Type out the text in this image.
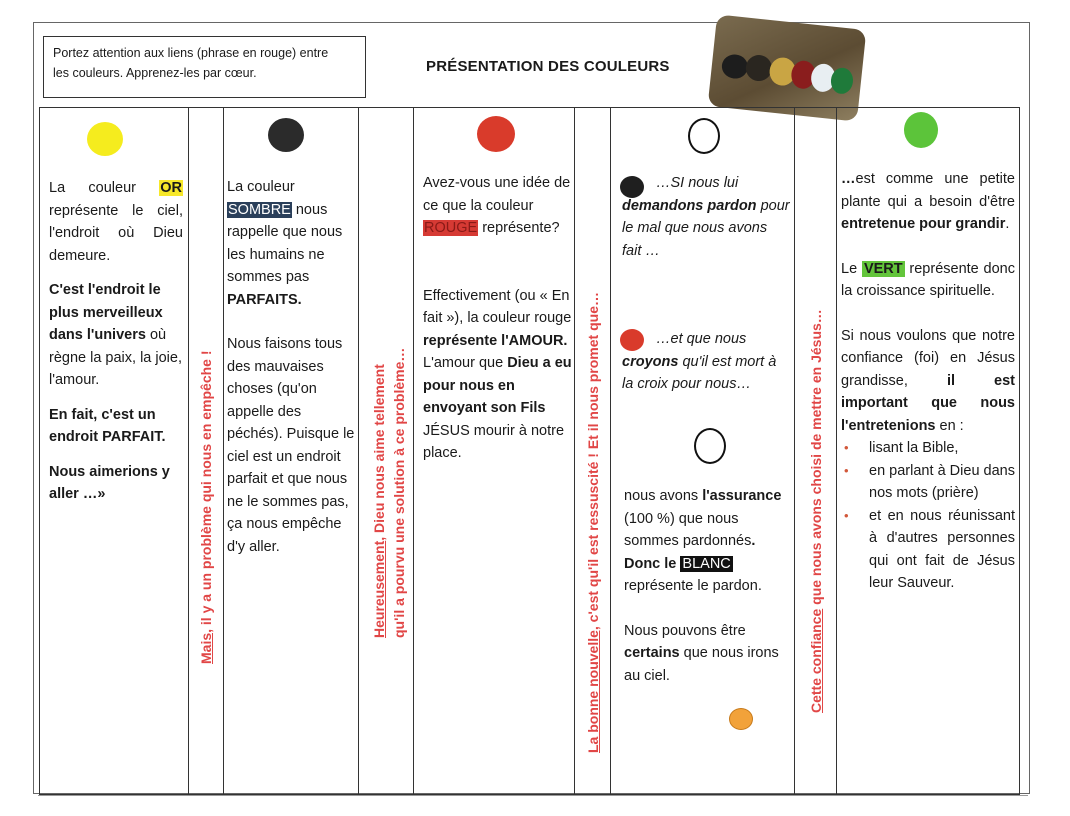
Portez attention aux liens (phrase en rouge) entre
les couleurs. Apprenez-les par cœur.	PRÉSENTATION DES COULEURS

La couleur OR représente le ciel, l'endroit où Dieu demeure.

C'est l'endroit le plus merveilleux dans l'univers où règne la paix, la joie, l'amour.

En fait, c'est un endroit PARFAIT.

Nous aimerions y aller …»

Mais, il y a un problème qui nous en empêche !

La couleur
SOMBRE nous rappelle que nous les humains ne sommes pas PARFAITS.

Nous faisons tous des mauvaises choses (qu'on appelle des péchés). Puisque le ciel est un endroit parfait et que nous ne le sommes pas, ça nous empêche d'y aller.	Heureusement, Dieu nous aime tellement qu'il a pourvu une solution à ce problème…

Avez-vous une idée de ce que la couleur ROUGE représente?

Effectivement (ou « En fait »), la couleur rouge représente l'AMOUR. L'amour que Dieu a eu pour nous en envoyant son Fils JÉSUS mourir à notre place.

La bonne nouvelle, c'est qu'il est ressuscité ! Et il nous promet que…
…SI nous lui demandons pardon pour le mal que nous avons fait …
…et que nous croyons qu'il est mort à la croix pour nous…

nous avons l'assurance (100 %) que nous sommes pardonnés. Donc le BLANC représente le pardon.

Nous pouvons être certains que nous irons au ciel.	Cette confiance que nous avons choisi de mettre en Jésus…

…est comme une petite plante qui a besoin d'être entretenue pour grandir.

Le VERT représente donc la croissance spirituelle.

Si nous voulons que notre confiance (foi) en Jésus grandisse, il est important que nous l'entretenions en :

• lisant la Bible,
• en parlant à Dieu dans nos mots (prière)
• et en nous réunissant à d'autres personnes qui ont fait de Jésus leur Sauveur.
